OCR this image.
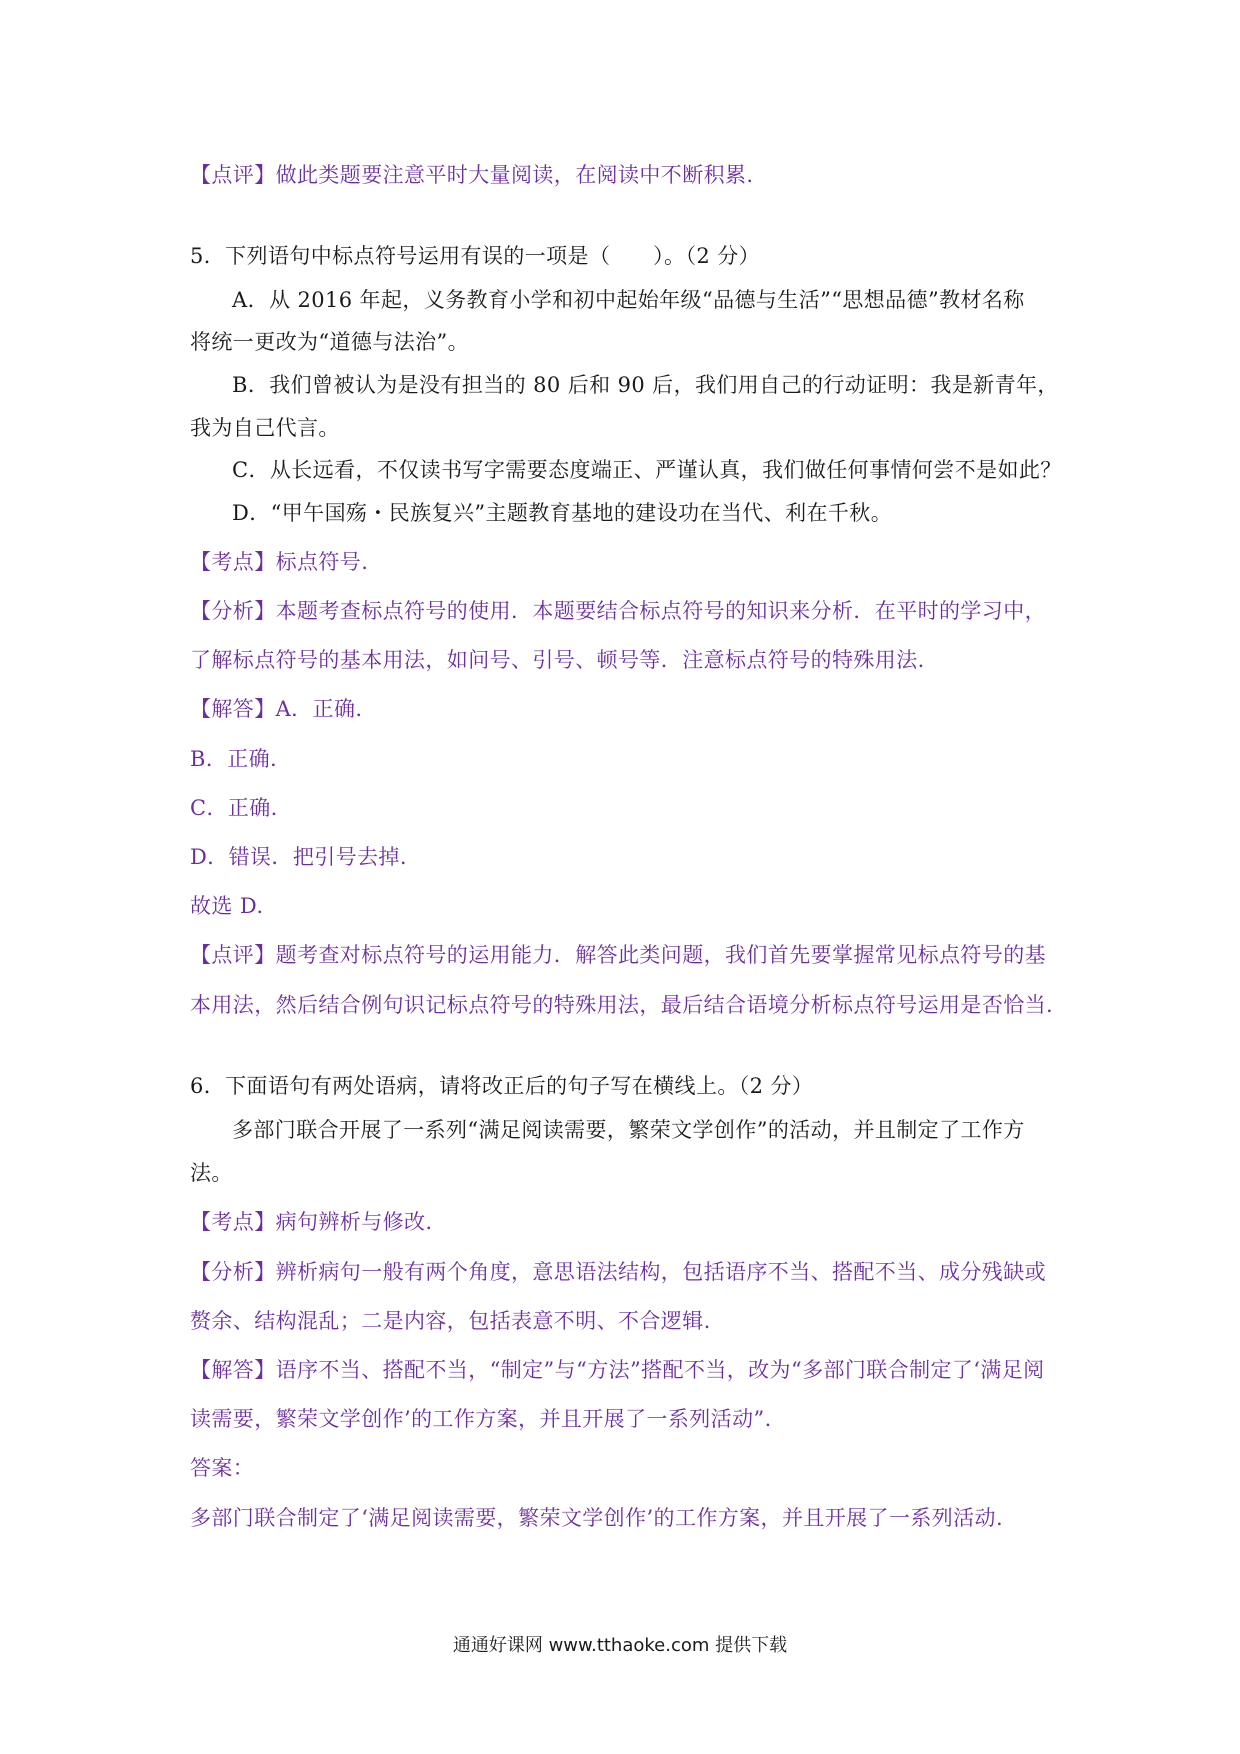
【点评】做此类题要注意平时大量阅读，在阅读中不断积累.
5．下列语句中标点符号运用有误的一项是（　　）。（2 分）
A．从 2016 年起，义务教育小学和初中起始年级“品德与生活”“思想品德”教材名称
将统一更改为“道德与法治”。
B．我们曾被认为是没有担当的 80 后和 90 后，我们用自己的行动证明：我是新青年，
我为自己代言。
C．从长远看，不仅读书写字需要态度端正、严谨认真，我们做任何事情何尝不是如此？
D．“甲午国殇・民族复兴”主题教育基地的建设功在当代、利在千秋。
【考点】标点符号.
【分析】本题考查标点符号的使用．本题要结合标点符号的知识来分析．在平时的学习中，
了解标点符号的基本用法，如问号、引号、顿号等．注意标点符号的特殊用法.
【解答】A．正确.
B．正确.
C．正确.
D．错误．把引号去掉.
故选 D.
【点评】题考查对标点符号的运用能力．解答此类问题，我们首先要掌握常见标点符号的基
本用法，然后结合例句识记标点符号的特殊用法，最后结合语境分析标点符号运用是否恰当.
6．下面语句有两处语病，请将改正后的句子写在横线上。（2 分）
多部门联合开展了一系列“满足阅读需要，繁荣文学创作”的活动，并且制定了工作方
法。
【考点】病句辨析与修改.
【分析】辨析病句一般有两个角度，意思语法结构，包括语序不当、搭配不当、成分残缺或
赘余、结构混乱；二是内容，包括表意不明、不合逻辑.
【解答】语序不当、搭配不当，“制定”与“方法”搭配不当，改为“多部门联合制定了‘满足阅
读需要，繁荣文学创作’的工作方案，并且开展了一系列活动”.
答案：
多部门联合制定了‘满足阅读需要，繁荣文学创作’的工作方案，并且开展了一系列活动.
通通好课网 www.tthaoke.com 提供下载
